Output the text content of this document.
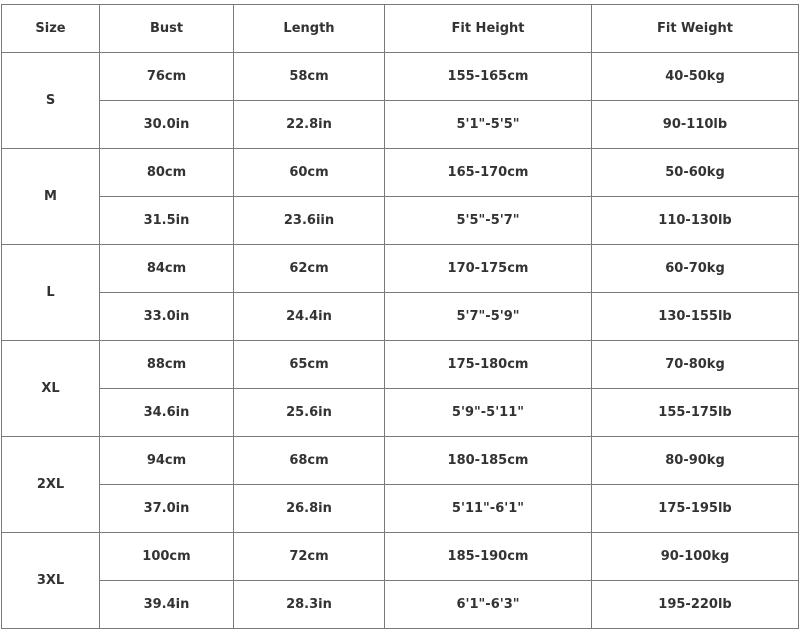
Size	Bust	Length	Fit Height	Fit Weight
S	76cm	58cm	155-165cm	40-50kg
	30.0in	22.8in	5'1"-5'5"	90-110lb
M	80cm	60cm	165-170cm	50-60kg
	31.5in	23.6iin	5'5"-5'7"	110-130lb
L	84cm	62cm	170-175cm	60-70kg
	33.0in	24.4in	5'7"-5'9"	130-155lb
XL	88cm	65cm	175-180cm	70-80kg
	34.6in	25.6in	5'9"-5'11"	155-175lb
2XL	94cm	68cm	180-185cm	80-90kg
	37.0in	26.8in	5'11"-6'1"	175-195lb
3XL	100cm	72cm	185-190cm	90-100kg
	39.4in	28.3in	6'1"-6'3"	195-220lb
